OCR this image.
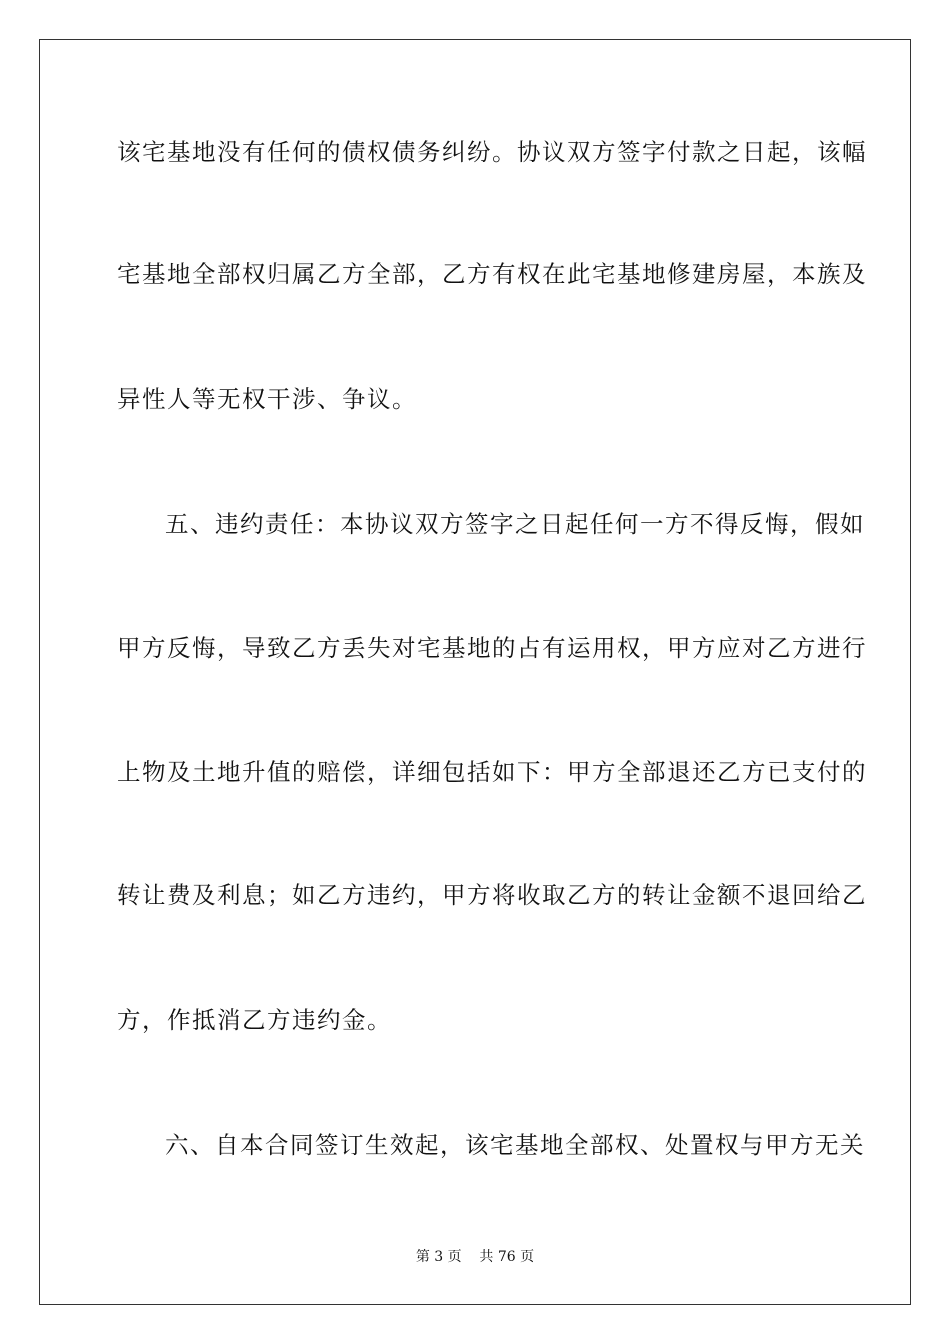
该宅基地没有任何的债权债务纠纷。协议双方签字付款之日起，该幅
宅基地全部权归属乙方全部，乙方有权在此宅基地修建房屋，本族及
异性人等无权干涉、争议。
五、违约责任：本协议双方签字之日起任何一方不得反悔，假如
甲方反悔，导致乙方丢失对宅基地的占有运用权，甲方应对乙方进行
上物及土地升值的赔偿，详细包括如下：甲方全部退还乙方已支付的
转让费及利息；如乙方违约，甲方将收取乙方的转让金额不退回给乙
方，作抵消乙方违约金。
六、自本合同签订生效起，该宅基地全部权、处置权与甲方无关
第 3 页    共 76 页
